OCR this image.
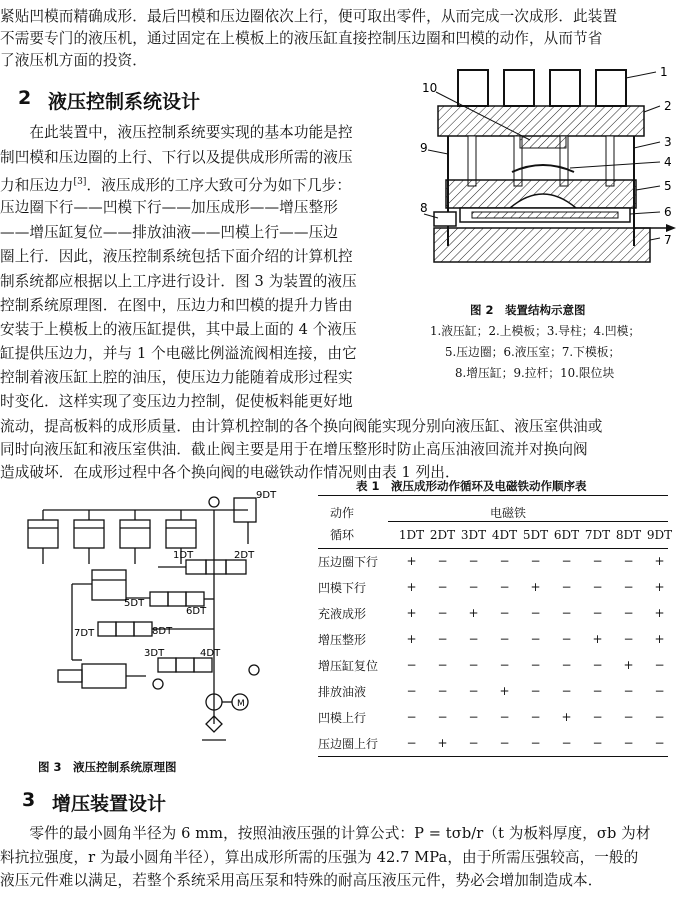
紧贴凹模而精确成形．最后凹模和压边圈依次上行，便可取出零件，从而完成一次成形．此装置
不需要专门的液压机，通过固定在上模板上的液压缸直接控制压边圈和凹模的动作，从而节省
了液压机方面的投资．
2 液压控制系统设计
　　在此装置中，液压控制系统要实现的基本功能是控
制凹模和压边圈的上行、下行以及提供成形所需的液压
力和压边力[3]．液压成形的工序大致可分为如下几步：
压边圈下行——凹模下行——加压成形——增压整形
——增压缸复位——排放油液——凹模上行——压边
圈上行．因此，液压控制系统包括下面介绍的计算机控
制系统都应根据以上工序进行设计．图 3 为装置的液压
控制系统原理图．在图中，压边力和凹模的提升力皆由
安装于上模板上的液压缸提供，其中最上面的 4 个液压
缸提供压边力，并与 1 个电磁比例溢流阀相连接，由它
控制着液压缸上腔的油压，使压边力能随着成形过程实
时变化．这样实现了变压边力控制，促使板料能更好地
流动，提高板料的成形质量．由计算机控制的各个换向阀能实现分别向液压缸、液压室供油或
同时向液压缸和液压室供油．截止阀主要是用于在增压整形时防止高压油液回流并对换向阀
造成破坏．在成形过程中各个换向阀的电磁铁动作情况则由表 1 列出．
1
2
3
4
5
6
7
8
9
10
图 2　装置结构示意图
1.液压缸；2.上模板；3.导柱；4.凹模；
5.压边圈；6.液压室；7.下模板；
8.增压缸；9.拉杆；10.限位块
9DT
1DT	2DT
5DT
6DT
7DT	8DT
3DT	4DT
M
图 3　液压控制系统原理图
表 1　液压成形动作循环及电磁铁动作顺序表
动作
循环
电磁铁
	1DT	2DT	3DT	4DT	5DT	6DT	7DT	8DT	9DT
压边圈下行	+	−	−	−	−	−	−	−	+
凹模下行	+	−	−	−	+	−	−	−	+
充液成形	+	−	+	−	−	−	−	−	+
增压整形	+	−	−	−	−	−	+	−	+
增压缸复位	−	−	−	−	−	−	−	+	−
排放油液	−	−	−	+	−	−	−	−	−
凹模上行	−	−	−	−	−	+	−	−	−
压边圈上行	−	+	−	−	−	−	−	−	−
3 增压装置设计
　　零件的最小圆角半径为 6 mm，按照油液压强的计算公式：P = tσb/r（t 为板料厚度，σb 为材
料抗拉强度，r 为最小圆角半径），算出成形所需的压强为 42.7 MPa，由于所需压强较高，一般的
液压元件难以满足，若整个系统采用高压泵和特殊的耐高压液压元件，势必会增加制造成本．
